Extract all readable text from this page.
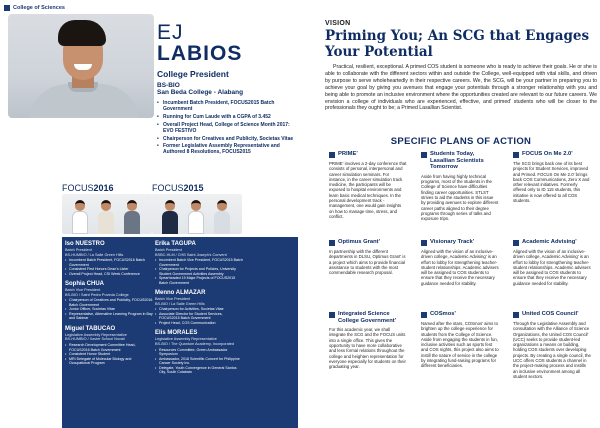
College of Sciences
EJ
LABIOS
College President
BS-BIO
San Beda College - Alabang
• Incumbent Batch President, FOCUS2015 Batch Government
• Running for Cum Laude with a CGPA of 3.452
• Overall Project Head, College of Science Month 2017: EVO FESTIVO
• Chairperson for Creatives and Publicity, Societas Vitae
• Former Legislative Assembly Representative and Authored 8 Resolutions, FOCUS2015
FOCUS2016	FOCUS2015
Iso NUESTRO
Batch President
BS-HUMBIO / La Salle Green Hills
• Incumbent Batch President, FOCUS2016 Batch Government
• Consistent First Honors Dean's Lister
• Overall Project Head, CSI Week Conference
Sophia CHUA
Batch Vice President
BS-BIO / Saint Pedro Poveda College
• Chairperson of Creatives and Publicity, FOCUS2016 Batch Government
• Junior Officer, Societas Vitae
• Representative, Alternative Learning Program in Bay and Sabinar
Miguel TABUCAO
Legislative Assembly Representative
BS-HUMBIO / Xavier School Nuvali
• Research Development Committee Head, FOCUS2016 Batch Government
• Consistent Honor Student
• MRI Delegate of Molecular Biology and Occupational Program
Erika TAGUPA
Batch President
BSBC-HLM / CHB Saint Joseph's Convent
• Incumbent Batch Vice President, FOCUS2015 Batch Government
• Chairperson for Projects and Policies, University Student Government Activities Assembly
• Spearheaded 19 Major Projects of FOCUS2015 Batch Government
Menno ALMAZAR
Batch Vice President
BS-BIO / La Salle Green Hills
• Chairperson for Activities, Societas Vitae
• Associate Director for Student Services, FOCUS2015 Batch Government
• Project Head, COS Communication
Elis MORALES
Legislative Assembly Representative
BS-BIO / The Quantum Academy, Incorporated
• Resources Committee, Green Ambassador Symposium
• Ambassador, 2018 Scientific Concert for Philippine Cancer Society Inc.
• Delegate, Youth Convergence in General Santos City, South Cotabato
VISION
Priming You; An SCG that Engages Your Potential

Practical, resilient, exceptional. A primed COS student is someone who is ready to achieve their goals. He or she is able to collaborate with the different sectors within and outside the College, well-equipped with vital skills, and driven by purpose to serve wholeheartedly in their respective careers. We, the SCG, will be your partner in preparing you to achieve your goal by giving you avenues that engage your potentials through a stronger relationship with you and being able to promote an inclusive environment where the opportunities created are relevant to our future careers. We envision a college of individuals who are experienced, effective, and primed' students who will be closer to the professionals they ought to be; a Primed Lasallian Scientist.

SPECIFIC PLANS OF ACTION
PRIME'
PRIME' involves a 2-day conference that consists of personal, interpersonal and career simulation seminars. For instance, in the career simulation track medicine, the participants will be exposed to hospital environments and learn basic medical techniques. In the personal development track - management, one would gain insights on how to manage time, stress, and conflict.
Students Today, Lasallian Scientists Tomorrow
Aside from having highly technical programs, most of the students in the College of Science have difficulties finding career opportunities. STLST strives to aid the students in this issue by providing avenues to explore different career paths aligned to their degree programs through series of talks and exposure trips.
FOCUS On Me 2.0'
The SCG brings back one of its best projects for Student Services, improved and Primed. FOCUS On Me 2.0' brings back COS Communications, Zero X and other relevant initiatives. Formerly offered only to ID 115 students, this initiative is now offered to all COS students.
Optimus Grant'
In partnership with the different departments in DLSU, Optimus Grant' is a project which aims to provide financial assistance to students with the most commendable research proposal.
Visionary Track'
Aligned with the vision of an inclusive-driven college, Academic Advising' is an effort to lobby for strengthening teacher-student relationships. Academic advisers will be assigned to COS students to ensure that they receive the necessary guidance needed for stability.
Academic Advising'
Aligned with the vision of an inclusive-driven college, Academic Advising' is an effort to lobby for strengthening teacher-student relationships. Academic advisers will be assigned to COS students to ensure that they receive the necessary guidance needed for stability.
Integrated Science College Government'
For this academic year, we shall integrate the SCG and the FOCUS units into a single office. This gives the opportunity to have more collaborative and less formal relations throughout the college and heighten representation for everyone especially for students on their graduating year.
COSmos'
Named after the stars, COSmos' aims to brighten up the college experience for students from the College of Science. Aside from engaging the students in fun, inclusive activities such as sports fest and COS nights, this project also aims to instill the nature of service in the college by integrating fund-raising programs for different beneficiaries.
United COS Council'
Through the Legislative Assembly and consultation with the Alliance of Science Organizations, the United COS Council' (UCC) seeks to provide student-led organizations a means on building, holding COS students over developing projects. By creating a single council, the UCC offers COS students a channel in the project-making process and instills an inclusive environment among all student sectors.
